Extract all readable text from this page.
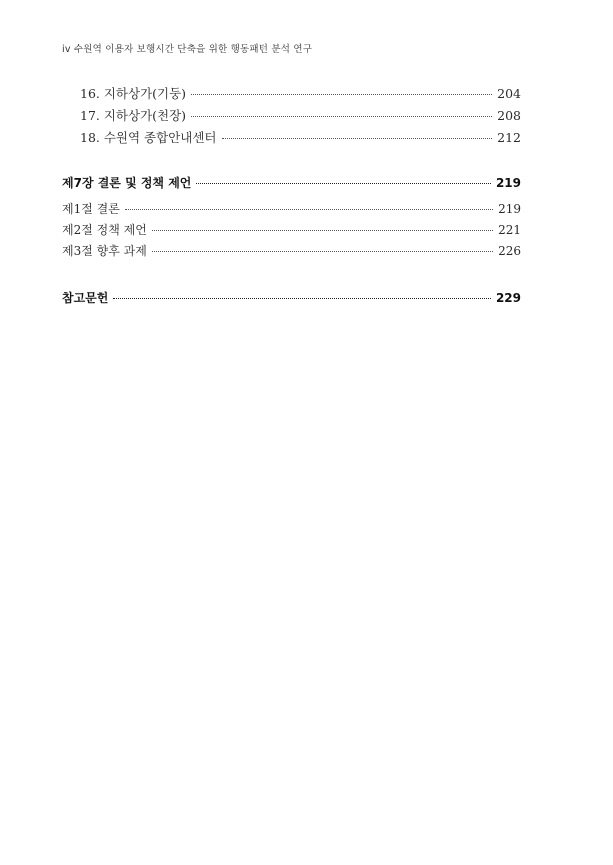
iv 수원역 이용자 보행시간 단축을 위한 행동패턴 분석 연구
16. 지하상가(기둥)	204
17. 지하상가(천장)	208
18. 수원역 종합안내센터	212
제7장 결론 및 정책 제언	219
제1절 결론	219
제2절 정책 제언	221
제3절 향후 과제	226
참고문헌	229
